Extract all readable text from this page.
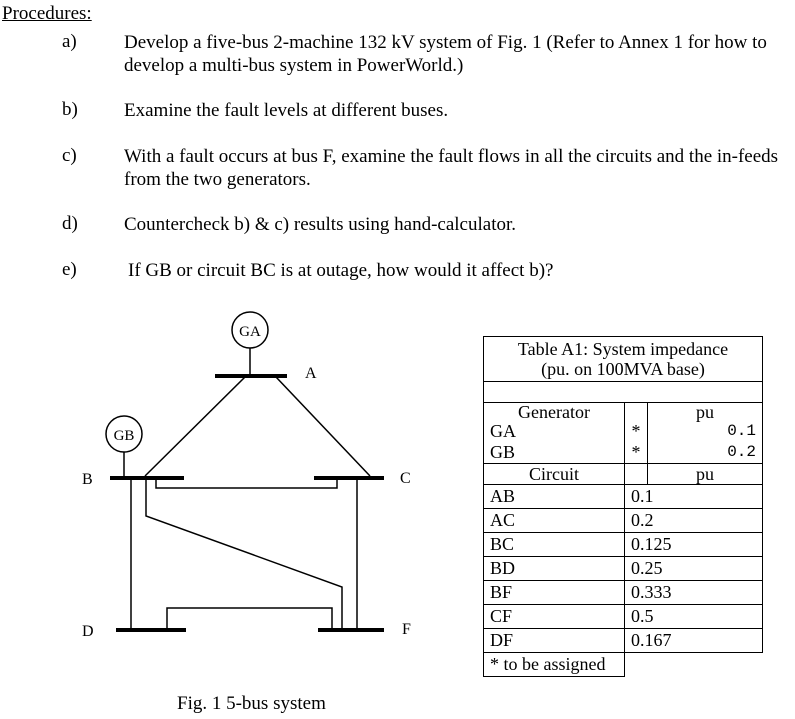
Procedures:
a) Develop a five-bus 2-machine 132 kV system of Fig. 1 (Refer to Annex 1 for how to develop a multi-bus system in PowerWorld.)
b) Examine the fault levels at different buses.
c) With a fault occurs at bus F, examine the fault flows in all the circuits and the in-feeds from the two generators.
d) Countercheck b) & c) results using hand-calculator.
e)	If GB or circuit BC is at outage, how would it affect b)?
GA
A
GB
B	C
D	F
Fig. 1 5-bus system
Table A1: System impedance		
(pu. on 100MVA base)		

Generator		pu
GA	*	0.1
GB	*	0.2
Circuit		pu
AB	0.1	
AC	0.2	
BC	0.125	
BD	0.25	
BF	0.333	
CF	0.5	
DF	0.167	
* to be assigned		
